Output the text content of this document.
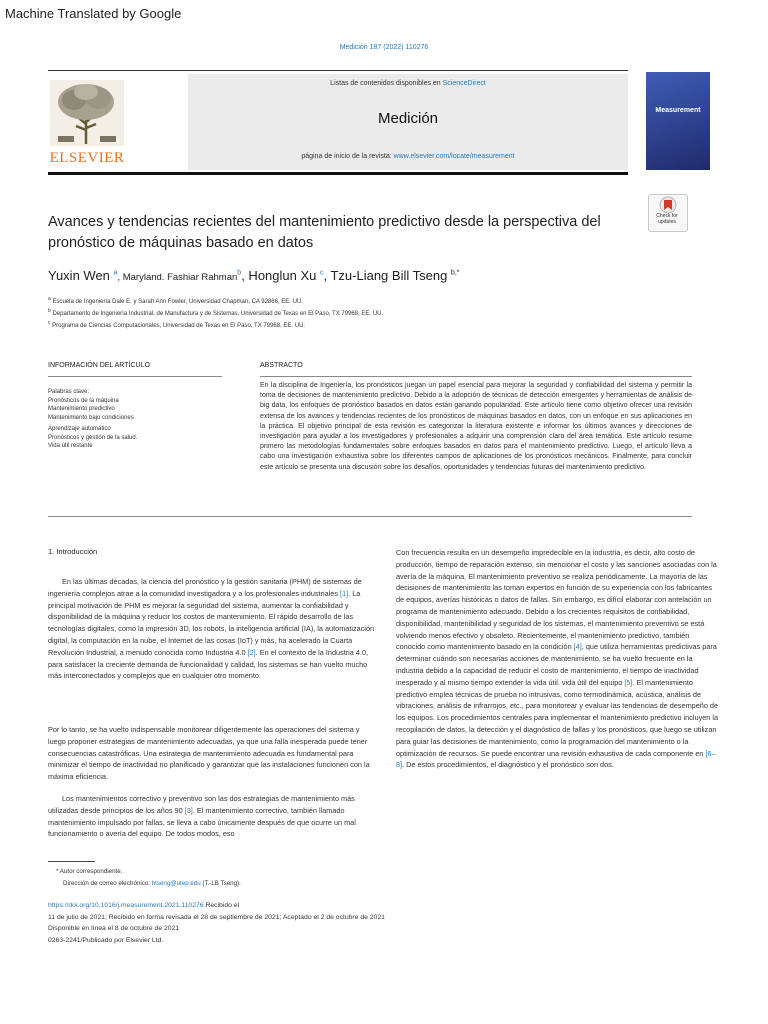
Machine Translated by Google
Medición 187 (2022) 110276
ELSEVIER
Listas de contenidos disponibles en ScienceDirect
Medición
página de inicio de la revista: www.elsevier.com/locate/measurement
Measurement
Check for updates
Avances y tendencias recientes del mantenimiento predictivo desde la perspectiva del
pronóstico de máquinas basado en datos
Yuxin Wen $^a$, Maryland. Fashiar Rahman$^b$, Honglun Xu $^c$, Tzu-Liang Bill Tseng $^{b,*}$
$^a$ Escuela de Ingeniería Dale E. y Sarah Ann Fowler, Universidad Chapman, CA 92866, EE. UU.
$^b$ Departamento de Ingeniería Industrial, de Manufactura y de Sistemas, Universidad de Texas en El Paso, TX 79968, EE. UU.
$^c$ Programa de Ciencias Computacionales, Universidad de Texas en El Paso, TX 79968, EE. UU.
INFORMACIÓN DEL ARTÍCULO	ABSTRACTO
Palabras clave:
Pronósticos de la máquina
Mantenimiento predictivo
Mantenimiento bajo condiciones
Aprendizaje automático
Pronósticos y gestión de la salud.
Vida útil restante
En la disciplina de Ingeniería, los pronósticos juegan un papel esencial para mejorar la seguridad y confiabilidad del sistema y permitir la toma de decisiones de mantenimiento predictivo. Debido a la adopción de técnicas de detección emergentes y herramientas de análisis de big data, los enfoques de pronóstico basados en datos están ganando popularidad. Este artículo tiene como objetivo ofrecer una revisión extensa de los avances y tendencias recientes de los pronósticos de máquinas basados en datos, con un enfoque en sus aplicaciones en la práctica. El objetivo principal de esta revisión es categorizar la literatura existente e informar los últimos avances y direcciones de investigación para ayudar a los investigadores y profesionales a adquirir una comprensión clara del área temática. Este artículo resume primero las metodologías fundamentales sobre enfoques basados en datos para el mantenimiento predictivo. Luego, el artículo lleva a cabo una investigación exhaustiva sobre los diferentes campos de aplicaciones de los pronósticos mecánicos. Finalmente, para concluir este artículo se presenta una discusión sobre los desafíos, oportunidades y tendencias futuras del mantenimiento predictivo.
1. Introducción
En las últimas décadas, la ciencia del pronóstico y la gestión sanitaria (PHM) de sistemas de ingeniería complejos atrae a la comunidad investigadora y a los profesionales industriales [1]. La principal motivación de PHM es mejorar la seguridad del sistema, aumentar la confiabilidad y disponibilidad de la máquina y reducir los costos de mantenimiento. El rápido desarrollo de las tecnologías digitales, como la impresión 3D, los robots, la inteligencia artificial (IA), la automatización digital, la computación en la nube, el Internet de las cosas (IoT) y más, ha acelerado la Cuarta Revolución Industrial, a menudo conocida como Industria 4.0 [2]. En el contexto de la Industria 4.0, para satisfacer la creciente demanda de funcionalidad y calidad, los sistemas se han vuelto mucho más interconectados y complejos que en cualquier otro momento.
Por lo tanto, se ha vuelto indispensable monitorear diligentemente las operaciones del sistema y luego proponer estrategias de mantenimiento adecuadas, ya que una falla inesperada puede tener consecuencias catastróficas. Una estrategia de mantenimiento adecuada es fundamental para minimizar el tiempo de inactividad no planificado y garantizar que las instalaciones funcionen con la máxima eficiencia.
Los mantenimientos correctivo y preventivo son las dos estrategias de mantenimiento más utilizadas desde principios de los años 90 [3]. El mantenimiento correctivo, también llamado mantenimiento impulsado por fallas, se lleva a cabo únicamente después de que ocurre un mal funcionamiento o avería del equipo. De todos modos, eso
Con frecuencia resulta en un desempeño impredecible en la industria, es decir, alto costo de producción, tiempo de reparación extenso, sin mencionar el costo y las sanciones asociadas con la avería de la máquina. El mantenimiento preventivo se realiza periódicamente. La mayoría de las decisiones de mantenimiento las toman expertos en función de su experiencia con los fabricantes de equipos, averías históricas o datos de fallas. Sin embargo, es difícil elaborar con antelación un programa de mantenimiento adecuado. Debido a los crecientes requisitos de confiabilidad, disponibilidad, mantenibilidad y seguridad de los sistemas, el mantenimiento preventivo se está volviendo menos efectivo y obsoleto. Recientemente, el mantenimiento predictivo, también conocido como mantenimiento basado en la condición [4], que utiliza herramientas predictivas para determinar cuándo son necesarias acciones de mantenimiento, se ha vuelto frecuente en la industria debido a la capacidad de reducir el costo de mantenimiento, el tiempo de inactividad inesperado y al mismo tiempo extender la vida útil. vida útil del equipo [5]. El mantenimiento predictivo emplea técnicas de prueba no intrusivas, como termodinámica, acústica, análisis de vibraciones, análisis de infrarrojos, etc., para monitorear y evaluar las tendencias de desempeño de los equipos. Los procedimientos centrales para implementar el mantenimiento predictivo incluyen la recopilación de datos, la detección y el diagnóstico de fallas y los pronósticos, que luego se utilizan para guiar las decisiones de mantenimiento, como la programación del mantenimiento o la optimización de recursos. Se puede encontrar una revisión exhaustiva de cada componente en [6–8]. De estos procedimientos, el diagnóstico y el pronóstico son dos.
* Autor correspondiente.
Dirección de correo electrónico: btseng@utep.edu (T.-LB Tseng).
https://doi.org/10.1016/j.measurement.2021.110276 Recibido el
11 de julio de 2021; Recibido en forma revisada el 28 de septiembre de 2021; Aceptado el 2 de octubre de 2021
Disponible en línea el 8 de octubre de 2021
0263-2241/Publicado por Elsevier Ltd.
